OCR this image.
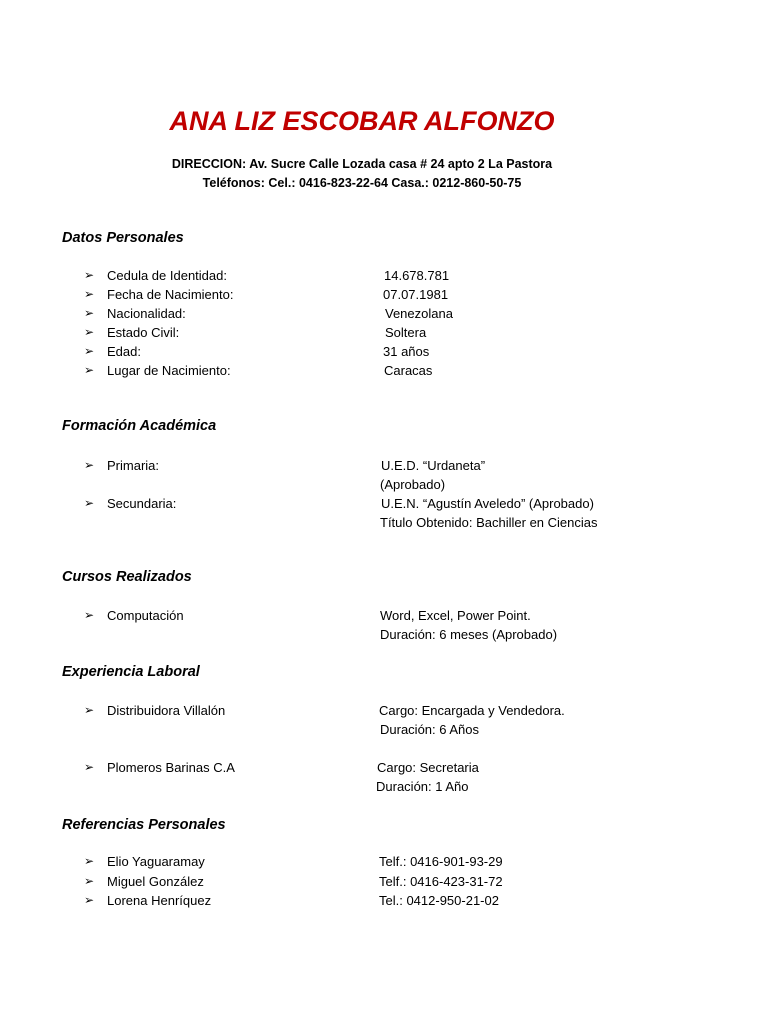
ANA LIZ ESCOBAR ALFONZO
DIRECCION: Av. Sucre Calle Lozada casa # 24 apto 2 La Pastora
Teléfonos: Cel.: 0416-823-22-64 Casa.: 0212-860-50-75
Datos Personales
➢ Cedula de Identidad:	14.678.781
➢ Fecha de Nacimiento:	07.07.1981
➢ Nacionalidad:	Venezolana
➢ Estado Civil:	Soltera
➢ Edad:	31 años
➢ Lugar de Nacimiento:	Caracas
Formación Académica
➢ Primaria:	U.E.D. “Urdaneta”
(Aprobado)
➢ Secundaria:	U.E.N. “Agustín Aveledo” (Aprobado)
Título Obtenido: Bachiller en Ciencias
Cursos Realizados
➢ Computación	Word, Excel, Power Point.
Duración: 6 meses (Aprobado)
Experiencia Laboral
➢ Distribuidora Villalón	Cargo: Encargada y Vendedora.
Duración: 6 Años
➢ Plomeros Barinas C.A	Cargo: Secretaria
Duración: 1 Año
Referencias Personales
➢ Elio Yaguaramay	Telf.: 0416-901-93-29
➢ Miguel González	Telf.: 0416-423-31-72
➢ Lorena Henríquez	Tel.: 0412-950-21-02
